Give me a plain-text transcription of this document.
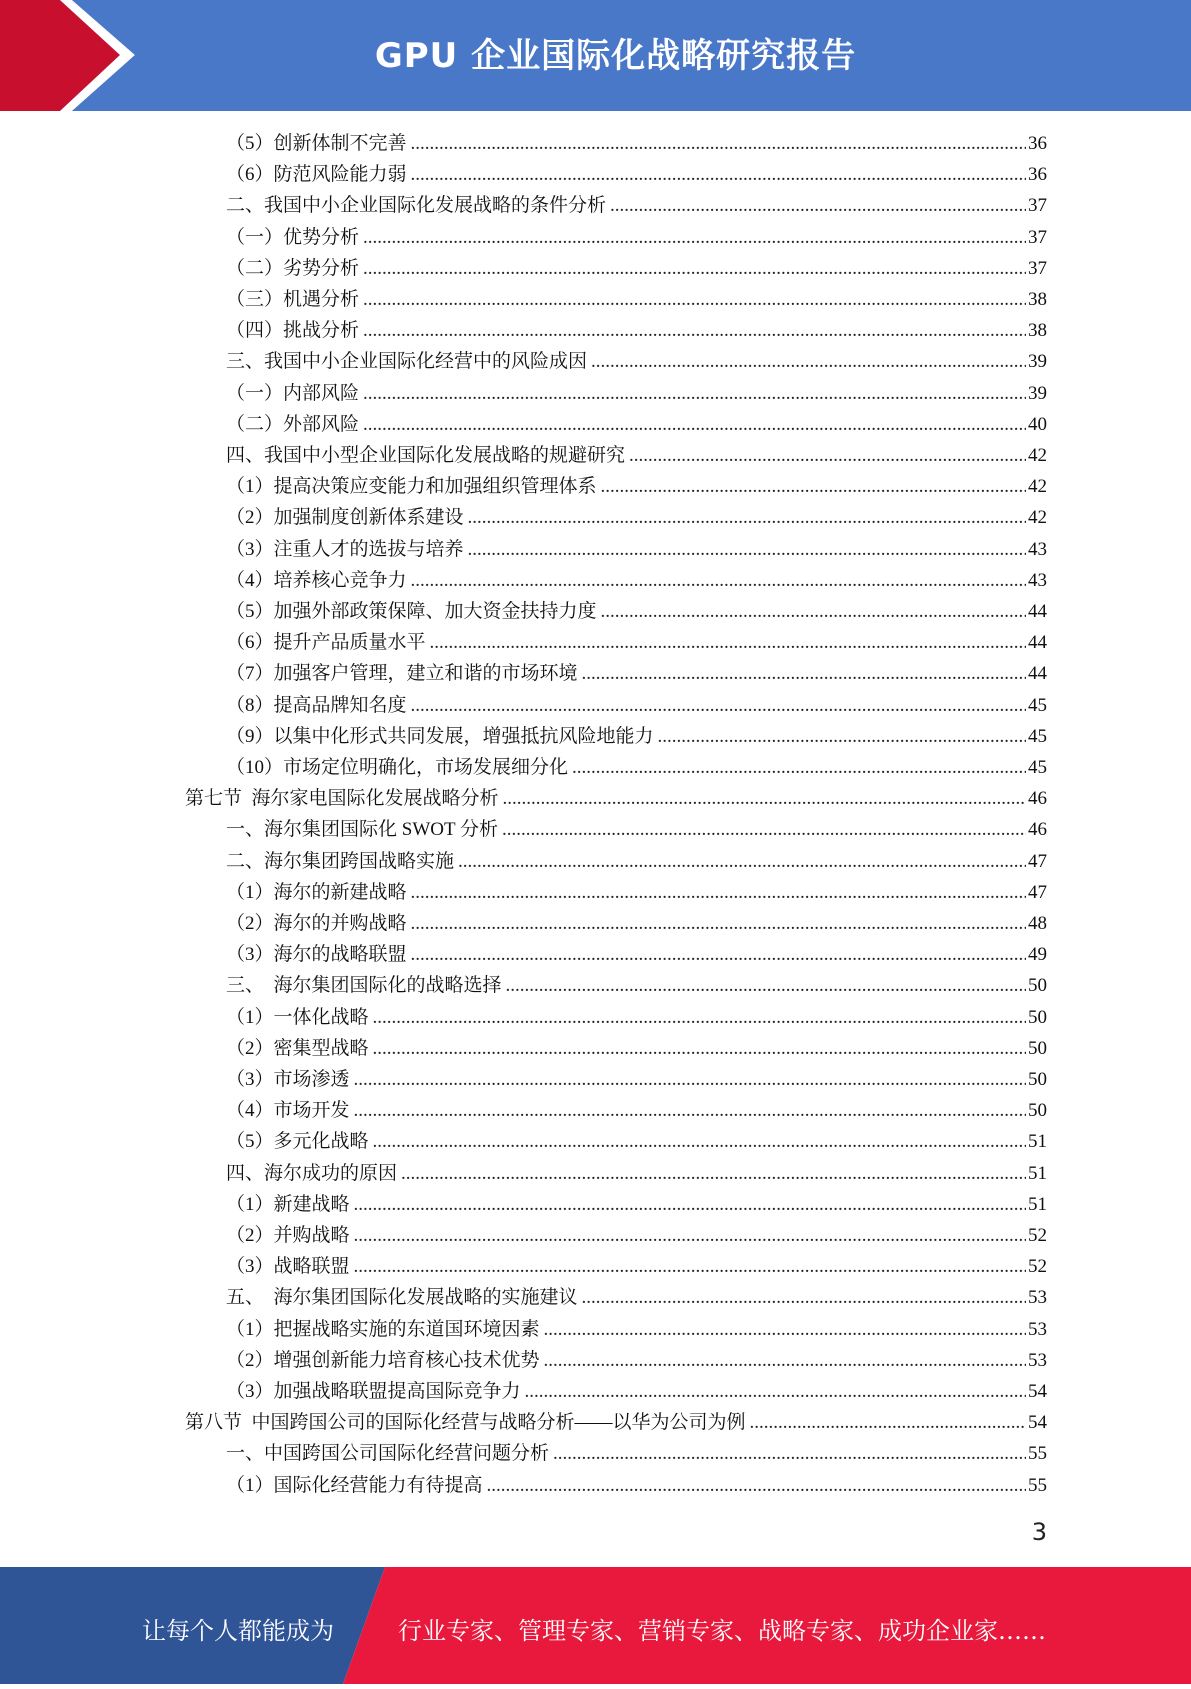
GPU 企业国际化战略研究报告
（5）创新体制不完善 .....	36
（6）防范风险能力弱 .....	36
二、我国中小企业国际化发展战略的条件分析 .....	37
（一）优势分析 .....	37
（二）劣势分析 .....	37
（三）机遇分析 .....	38
（四）挑战分析 .....	38
三、我国中小企业国际化经营中的风险成因 .....	39
（一）内部风险 .....	39
（二）外部风险 .....	40
四、我国中小型企业国际化发展战略的规避研究 .....	42
（1）提高决策应变能力和加强组织管理体系 .....	42
（2）加强制度创新体系建设 .....	42
（3）注重人才的选拔与培养 .....	43
（4）培养核心竞争力 .....	43
（5）加强外部政策保障、加大资金扶持力度 .....	44
（6）提升产品质量水平 .....	44
（7）加强客户管理，建立和谐的市场环境 .....	44
（8）提高品牌知名度 .....	45
（9）以集中化形式共同发展，增强抵抗风险地能力 .....	45
（10）市场定位明确化，市场发展细分化 .....	45
第七节  海尔家电国际化发展战略分析 .....	46
一、海尔集团国际化 SWOT 分析 .....	46
二、海尔集团跨国战略实施 .....	47
（1）海尔的新建战略 .....	47
（2）海尔的并购战略 .....	48
（3）海尔的战略联盟 .....	49
三、  海尔集团国际化的战略选择 .....	50
（1）一体化战略 .....	50
（2）密集型战略 .....	50
（3）市场渗透 .....	50
（4）市场开发 .....	50
（5）多元化战略 .....	51
四、海尔成功的原因 .....	51
（1）新建战略 .....	51
（2）并购战略 .....	52
（3）战略联盟 .....	52
五、  海尔集团国际化发展战略的实施建议 .....	53
（1）把握战略实施的东道国环境因素 .....	53
（2）增强创新能力培育核心技术优势 .....	53
（3）加强战略联盟提高国际竞争力 .....	54
第八节  中国跨国公司的国际化经营与战略分析——以华为公司为例 .....	54
一、中国跨国公司国际化经营问题分析 .....	55
（1）国际化经营能力有待提高 .....	55
3
让每个人都能成为	行业专家、管理专家、营销专家、战略专家、成功企业家……
